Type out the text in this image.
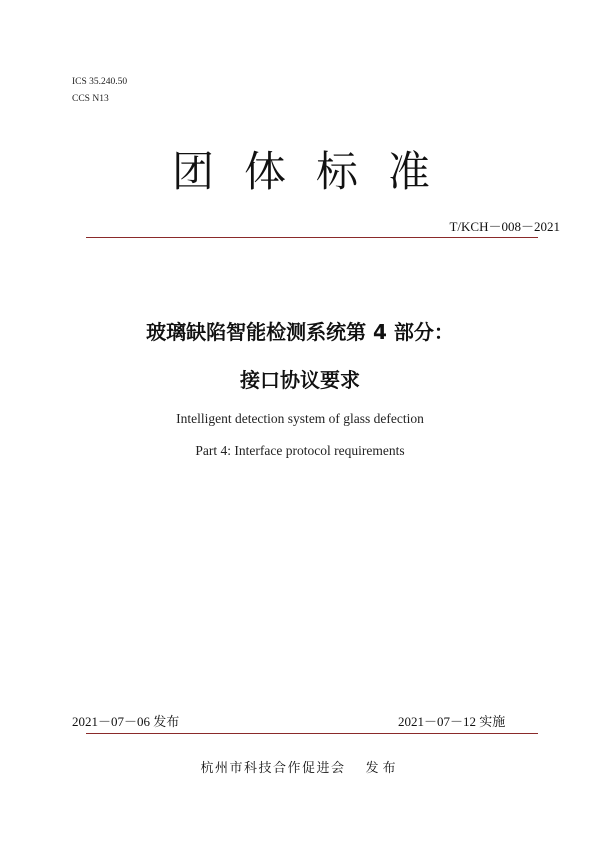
ICS 35.240.50
CCS N13
团体标准
T/KCH－008－2021
玻璃缺陷智能检测系统第 4 部分：
接口协议要求
Intelligent detection system of glass defection
Part 4: Interface protocol requirements
2021－07－06 发布	2021－07－12 实施
杭州市科技合作促进会 发布
